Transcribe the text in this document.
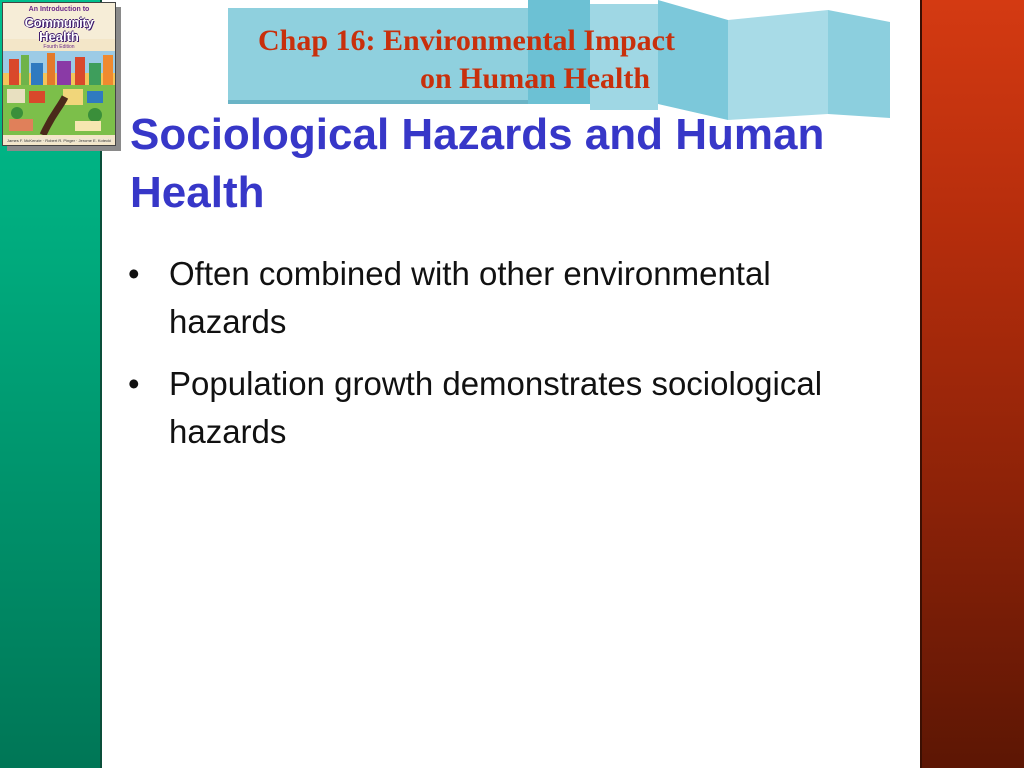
An Introduction to
Community
Health
Fourth Edition
James F. McKenzie · Robert R. Pinger · Jerome E. Kotecki
Chap 16: Environmental Impact
on Human Health
Sociological Hazards and Human Health
• Often combined with other environmental hazards
• Population growth demonstrates sociological hazards
